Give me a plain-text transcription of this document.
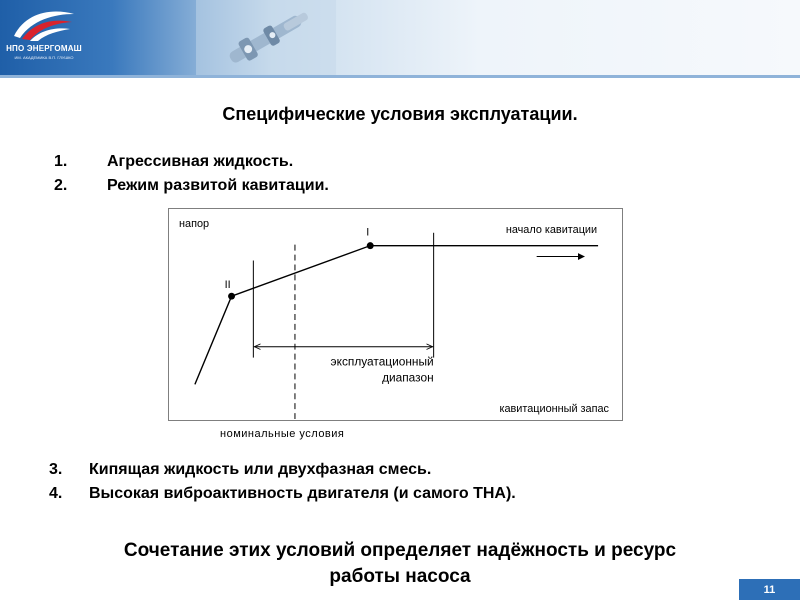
НПО ЭНЕРГОМАШ
ИМ. АКАДЕМИКА В.П. ГЛУШКО
Специфические условия эксплуатации.
1. Агрессивная жидкость.
2. Режим развитой кавитации.
напор
кавитационный запас
II
I	начало кавитации
эксплуатационный
диапазон
номинальные условия
3. Кипящая жидкость или двухфазная смесь.
4. Высокая виброактивность двигателя (и самого ТНА).
Сочетание этих условий определяет надёжность и ресурс
работы насоса
11
